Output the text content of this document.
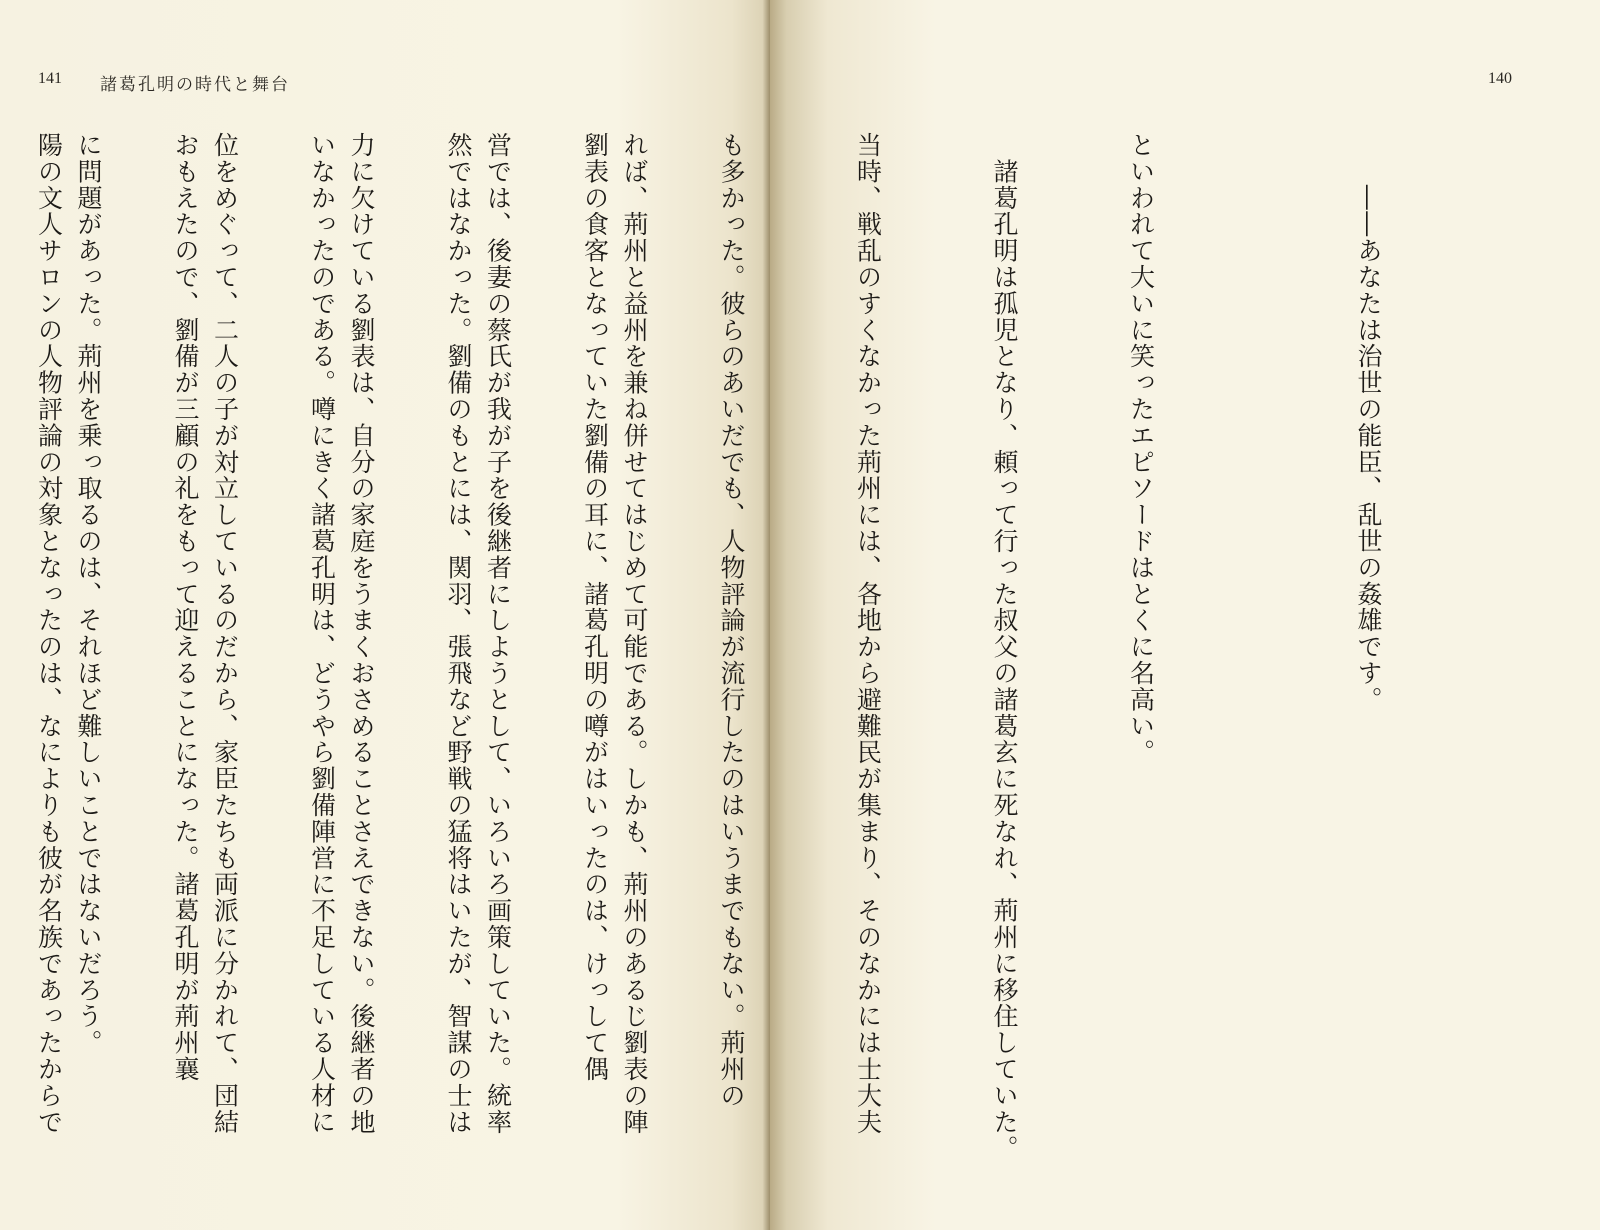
141 諸葛孔明の時代と舞台

れば、荊州と益州を兼ね併せてはじめて可能である。しかも、荊州のあるじ劉表の陣

営では、後妻の蔡氏が我が子を後継者にしようとして、いろいろ画策していた。統率

力に欠けている劉表は、自分の家庭をうまくおさめることさえできない。後継者の地

位をめぐって、二人の子が対立しているのだから、家臣たちも両派に分かれて、団結

に問題があった。荊州を乗っ取るのは、それほど難しいことではないだろう。

140

　　――あなたは治世の能臣、乱世の姦雄です。

といわれて大いに笑ったエピソードはとくに名高い。

　諸葛孔明は孤児となり、頼って行った叔父の諸葛玄に死なれ、荊州に移住していた。

当時、戦乱のすくなかった荊州には、各地から避難民が集まり、そのなかには士大夫

も多かった。彼らのあいだでも、人物評論が流行したのはいうまでもない。荊州の

劉表の食客となっていた劉備の耳に、諸葛孔明の噂がはいったのは、けっして偶

然ではなかった。劉備のもとには、関羽、張飛など野戦の猛将はいたが、智謀の士は

いなかったのである。噂にきく諸葛孔明は、どうやら劉備陣営に不足している人材に

おもえたので、劉備が三顧の礼をもって迎えることになった。諸葛孔明が荊州襄

陽の文人サロンの人物評論の対象となったのは、なによりも彼が名族であったからで
